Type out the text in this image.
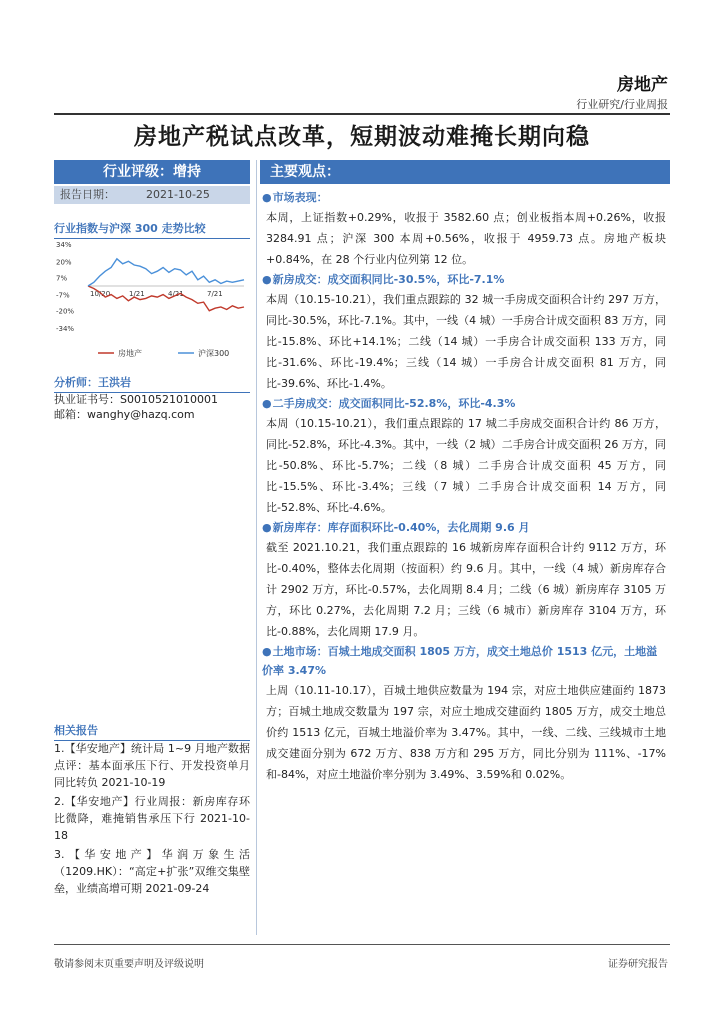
房地产
行业研究/行业周报
房地产税试点改革，短期波动难掩长期向稳
行业评级：增持
报告日期：	2021-10-25
主要观点：
行业指数与沪深 300 走势比较
34%
20%
7%
-7%
-20%
-34%
10/20	1/21	4/21	7/21
房地产	沪深300
分析师：王洪岩
执业证书号：S0010521010001
邮箱：wanghy@hazq.com
相关报告

1.【华安地产】统计局 1~9 月地产数据点评：基本面承压下行、开发投资单月同比转负 2021-10-19

2.【华安地产】行业周报：新房库存环比微降，难掩销售承压下行 2021-10-18

3.【华安地产】华润万象生活（1209.HK）：“高定+扩张”双维交集壁垒，业绩高增可期 2021-09-24

●市场表现：

本周，上证指数+0.29%，收报于 3582.60 点；创业板指本周+0.26%，收报 3284.91 点；沪深 300 本周+0.56%，收报于 4959.73 点。房地产板块+0.84%，在 28 个行业内位列第 12 位。

●新房成交：成交面积同比-30.5%，环比-7.1%

本周（10.15-10.21），我们重点跟踪的 32 城一手房成交面积合计约 297 万方，同比-30.5%，环比-7.1%。其中，一线（4 城）一手房合计成交面积 83 万方，同比-15.8%、环比+14.1%；二线（14 城）一手房合计成交面积 133 万方，同比-31.6%、环比-19.4%；三线（14 城）一手房合计成交面积 81 万方，同比-39.6%、环比-1.4%。

●二手房成交：成交面积同比-52.8%，环比-4.3%

本周（10.15-10.21），我们重点跟踪的 17 城二手房成交面积合计约 86 万方，同比-52.8%，环比-4.3%。其中，一线（2 城）二手房合计成交面积 26 万方，同比-50.8%、环比-5.7%；二线（8 城）二手房合计成交面积 45 万方，同比-15.5%、环比-3.4%；三线（7 城）二手房合计成交面积 14 万方，同比-52.8%、环比-4.6%。

●新房库存：库存面积环比-0.40%，去化周期 9.6 月

截至 2021.10.21，我们重点跟踪的 16 城新房库存面积合计约 9112 万方，环比-0.40%，整体去化周期（按面积）约 9.6 月。其中，一线（4 城）新房库存合计 2902 万方，环比-0.57%，去化周期 8.4 月；二线（6 城）新房库存 3105 万方，环比 0.27%，去化周期 7.2 月；三线（6 城市）新房库存 3104 万方，环比-0.88%，去化周期 17.9 月。

●土地市场：百城土地成交面积 1805 万方，成交土地总价 1513 亿元，土地溢价率 3.47%

上周（10.11-10.17），百城土地供应数量为 194 宗，对应土地供应建面约 1873 方；百城土地成交数量为 197 宗，对应土地成交建面约 1805 万方，成交土地总价约 1513 亿元，百城土地溢价率为 3.47%。其中，一线、二线、三线城市土地成交建面分别为 672 万方、838 万方和 295 万方，同比分别为 111%、-17%和-84%，对应土地溢价率分别为 3.49%、3.59%和 0.02%。

敬请参阅末页重要声明及评级说明	证券研究报告
